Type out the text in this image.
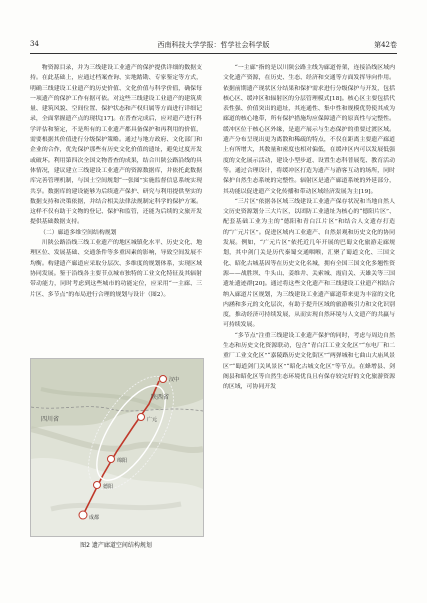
34	西南科技大学学报：哲学社会科学版	第42卷

物资源目录，并为三线建设工业遗产的保护提供详细的数据支持。在此基础上，应通过档案查询、实地踏勘、专家鉴定等方式，明确三线建设工业遗产的历史价值、文化价值与科学价值，确保每一项遗产的保护工作有据可依。对这些三线建设工业遗产的建筑质量、建筑风貌、空间位置、保护状态和产权归属等方面进行详细记录，全面掌握遗产点的现状[17]。在普查完成后，应对遗产进行科学评估和鉴定，不是所有的工业遗产都具备保护和再利用的价值，需要根据其价值进行分级保护策略。通过与地方政府、文化部门和企业的合作，优先保护那些有历史文化价值的遗址，避免过度开发或破坏。利用第四次全国文物普查的成果，结合川陕公路沿线的具体情况，建议建立三线建设工业遗产的资源数据库，并依托此数据库完善管理机制，与国土空间规划“一张图”实施监督信息系统实现共享。数据库的建设能够为后续遗产保护、研究与利用提供坚实的数据支持和决策依据，并结合相关法律法规制定科学的保护方案。这样不仅有助于文物的登记、保护和监管，还能为后续的文旅开发提供基础数据支持。

（二）廊道多维空间结构规划

川陕公路沿线三线工业遗产的地区城镇化水平、历史文化、地理区位、发展基础、交通条件等多重因素的影响，导致空间发展不均衡。构建遗产廊道应采取分层次、多维度的规划体系，实现区域协同发展。鉴于沿线各主要节点城市独特的工业文化特征及其辐射带动能力，同时考虑到这些城市的功能定位，应采用“一主廊、三片区、多节点”的布局进行合理的规划与设计（图2）。

陕西省
四川省	广元
汉中
绵阳
德阳
成都
图2 遗产廊道空间结构规划

“一主廊”指的是以川陕公路主线为廊道骨架，连接沿线区域内文化遗产资源，在历史、生态、经济和交通等方面发挥导向作用。依据前期遗产现状区分结果和保护需求进行分级保护与开发，包括核心区、缓冲区和辐射区的分层管理模式[18]。核心区主要包括代表性强、价值突出的遗址，其连通性、集中性和规模优势使其成为廊道的核心地带，所有保护措施均应保障遗产的原真性与完整性。缓冲区位于核心区外缘，是遗产展示与生态保护的重要过渡区域。遗产分布呈现出更为离散和稀疏的特点，不仅在距离主要遗产廊道上有所增大，其数量和密度也相对偏低，在缓冲区内可以发展低强度的文化展示活动，建设小型步道、设置生态科普展览、教育活动等。通过合理设计，将缓冲区打造为遗产与游客互动的场所，同时保护自然生态系统的完整性。辐射区是遗产廊道系统的外延部分，其功能以促进遗产文化传播和带动区域经济发展为主[19]。

“三片区”依据各区域三线建设工业遗产保存状况和当地自然人文历史资源划分三大片区，以团防工业遗址为核心的“德阳片区”、配套基础工业为主的“德阳和青白江片区”和结合人文遗存打造的“广元片区”。促进区域内工业遗产、自然景观和历史文化的协同发展。例如，“广元片区”依托近几年开展的巴蜀文化旅游走廊规划，其中剑门关是历代秦蜀交通咽喉，汇聚了蜀道文化、三国文化、昭化古城基因等在历史文化名城，拥有全国三国文化多翘性资源——战胜坝、牛头山、姜维井、关索城、霞肩关、天雄关等三国遗址遗迹群[20]。通过将这些文化遗产和三线建设工业遗产相结合纳入廊道片区规划，为三线建设工业遗产廊道带来更为丰富的文化内涵和多元的文化层次，有助于提升区域的旅游吸引力和文化识别度，推动经济可持续发展，从而实现自然环境与人文遗产的共赢与可持续发展。

“多节点”注重三线建设工业遗产保护的同时，考虑与周边自然生态和历史文化资源联动，包含“青白江工业文化区”“东电厂和二重厂工业文化区”“嘉陵路历史文化街区”“两弹城和七曲山大庙风景区”“蜀道剑门关风景区”“昭化古城文化区”等节点。在蜂增县、剑阁县和昭化区等自然生态环境优良且有保存较完好的文化旅游资源的区域，可协同开发
